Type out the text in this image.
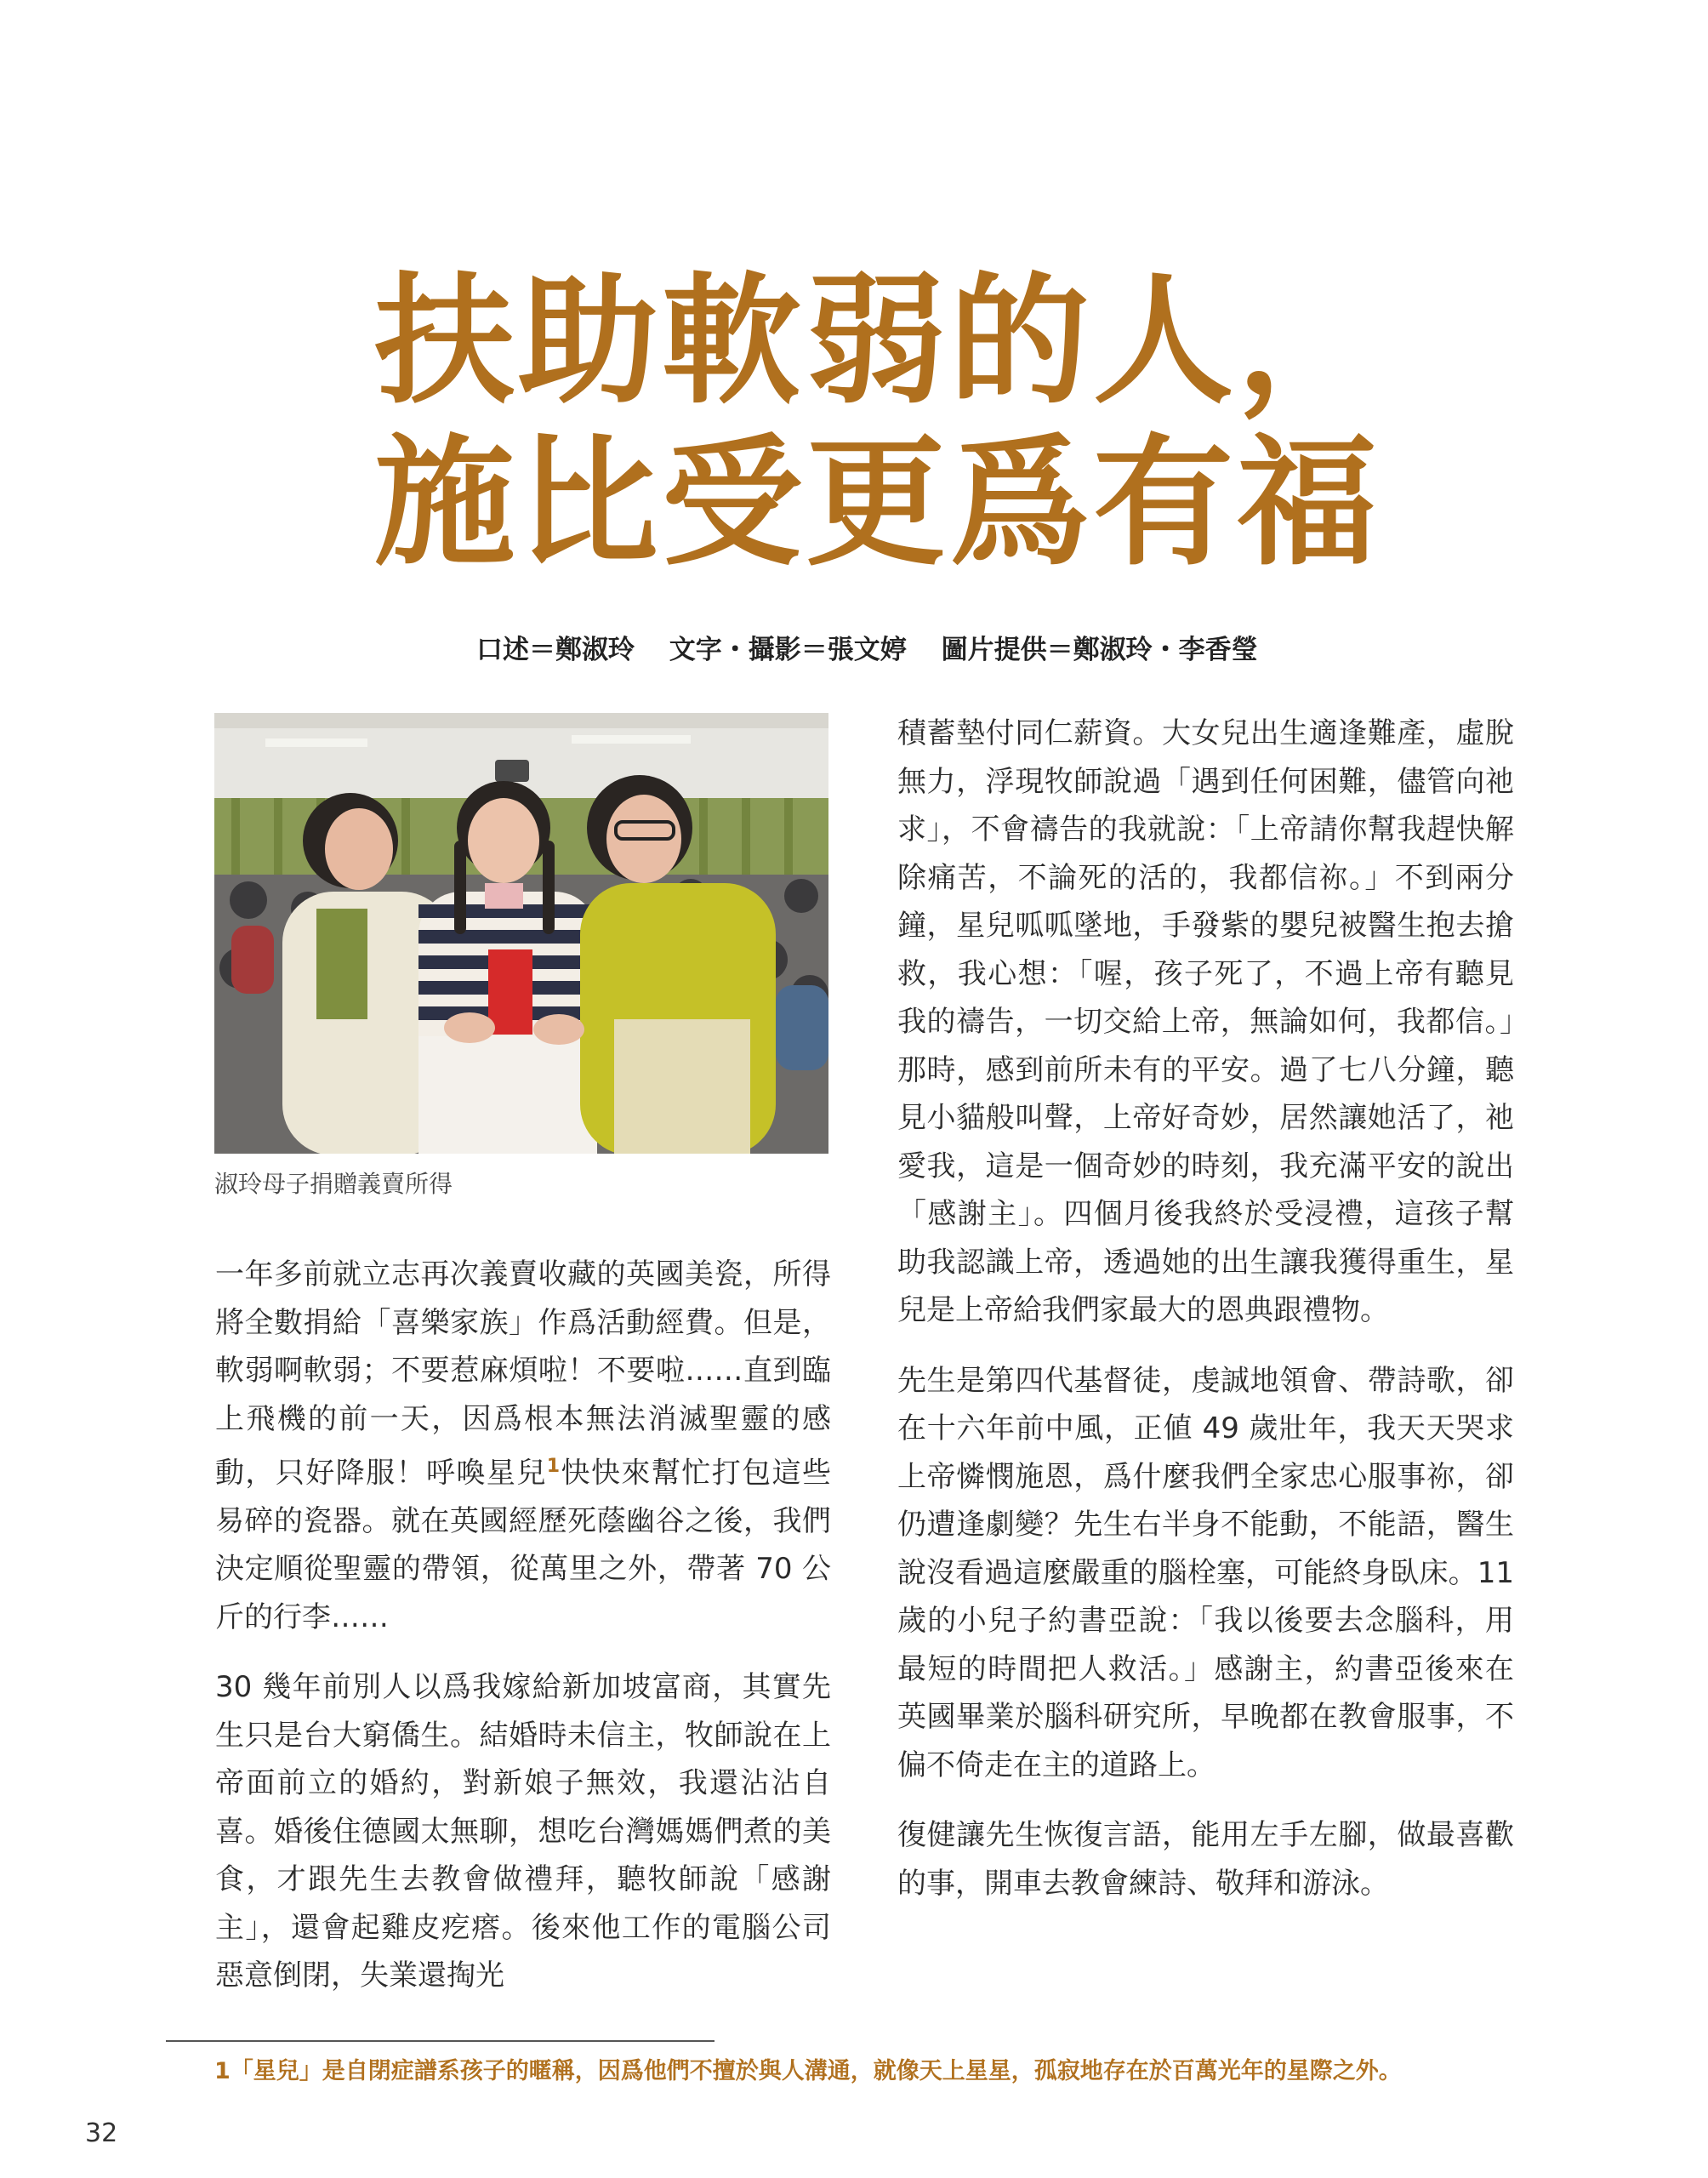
扶助軟弱的人，
施比受更爲有福
口述＝鄭淑玲 文字・攝影＝張文婷 圖片提供＝鄭淑玲・李香瑩
淑玲母子捐贈義賣所得

一年多前就立志再次義賣收藏的英國美瓷，所得將全數捐給「喜樂家族」作爲活動經費。但是，軟弱啊軟弱；不要惹麻煩啦！不要啦……直到臨上飛機的前一天，因爲根本無法消滅聖靈的感動，只好降服！呼喚星兒$^1$快快來幫忙打包這些易碎的瓷器。就在英國經歷死蔭幽谷之後，我們決定順從聖靈的帶領，從萬里之外，帶著 70 公斤的行李……

30 幾年前別人以爲我嫁給新加坡富商，其實先生只是台大窮僑生。結婚時未信主，牧師說在上帝面前立的婚約，對新娘子無效，我還沾沾自喜。婚後住德國太無聊，想吃台灣媽媽們煮的美食，才跟先生去教會做禮拜，聽牧師說「感謝主」，還會起雞皮疙瘩。後來他工作的電腦公司惡意倒閉，失業還掏光

積蓄墊付同仁薪資。大女兒出生適逢難產，虛脫無力，浮現牧師說過「遇到任何困難，儘管向祂求」，不會禱告的我就說：「上帝請你幫我趕快解除痛苦，不論死的活的，我都信祢。」不到兩分鐘，星兒呱呱墜地，手發紫的嬰兒被醫生抱去搶救，我心想：「喔，孩子死了，不過上帝有聽見我的禱告，一切交給上帝，無論如何，我都信。」那時，感到前所未有的平安。過了七八分鐘，聽見小貓般叫聲，上帝好奇妙，居然讓她活了，祂愛我，這是一個奇妙的時刻，我充滿平安的說出「感謝主」。四個月後我終於受浸禮，這孩子幫助我認識上帝，透過她的出生讓我獲得重生，星兒是上帝給我們家最大的恩典跟禮物。

先生是第四代基督徒，虔誠地領會、帶詩歌，卻在十六年前中風，正値 49 歲壯年，我天天哭求上帝憐憫施恩，爲什麼我們全家忠心服事祢，卻仍遭逢劇變？先生右半身不能動，不能語，醫生說沒看過這麼嚴重的腦栓塞，可能終身臥床。11 歲的小兒子約書亞說：「我以後要去念腦科，用最短的時間把人救活。」感謝主，約書亞後來在英國畢業於腦科研究所，早晚都在教會服事，不偏不倚走在主的道路上。

復健讓先生恢復言語，能用左手左腳，做最喜歡的事，開車去教會練詩、敬拜和游泳。

1「星兒」是自閉症譜系孩子的暱稱，因爲他們不擅於與人溝通，就像天上星星，孤寂地存在於百萬光年的星際之外。
32
